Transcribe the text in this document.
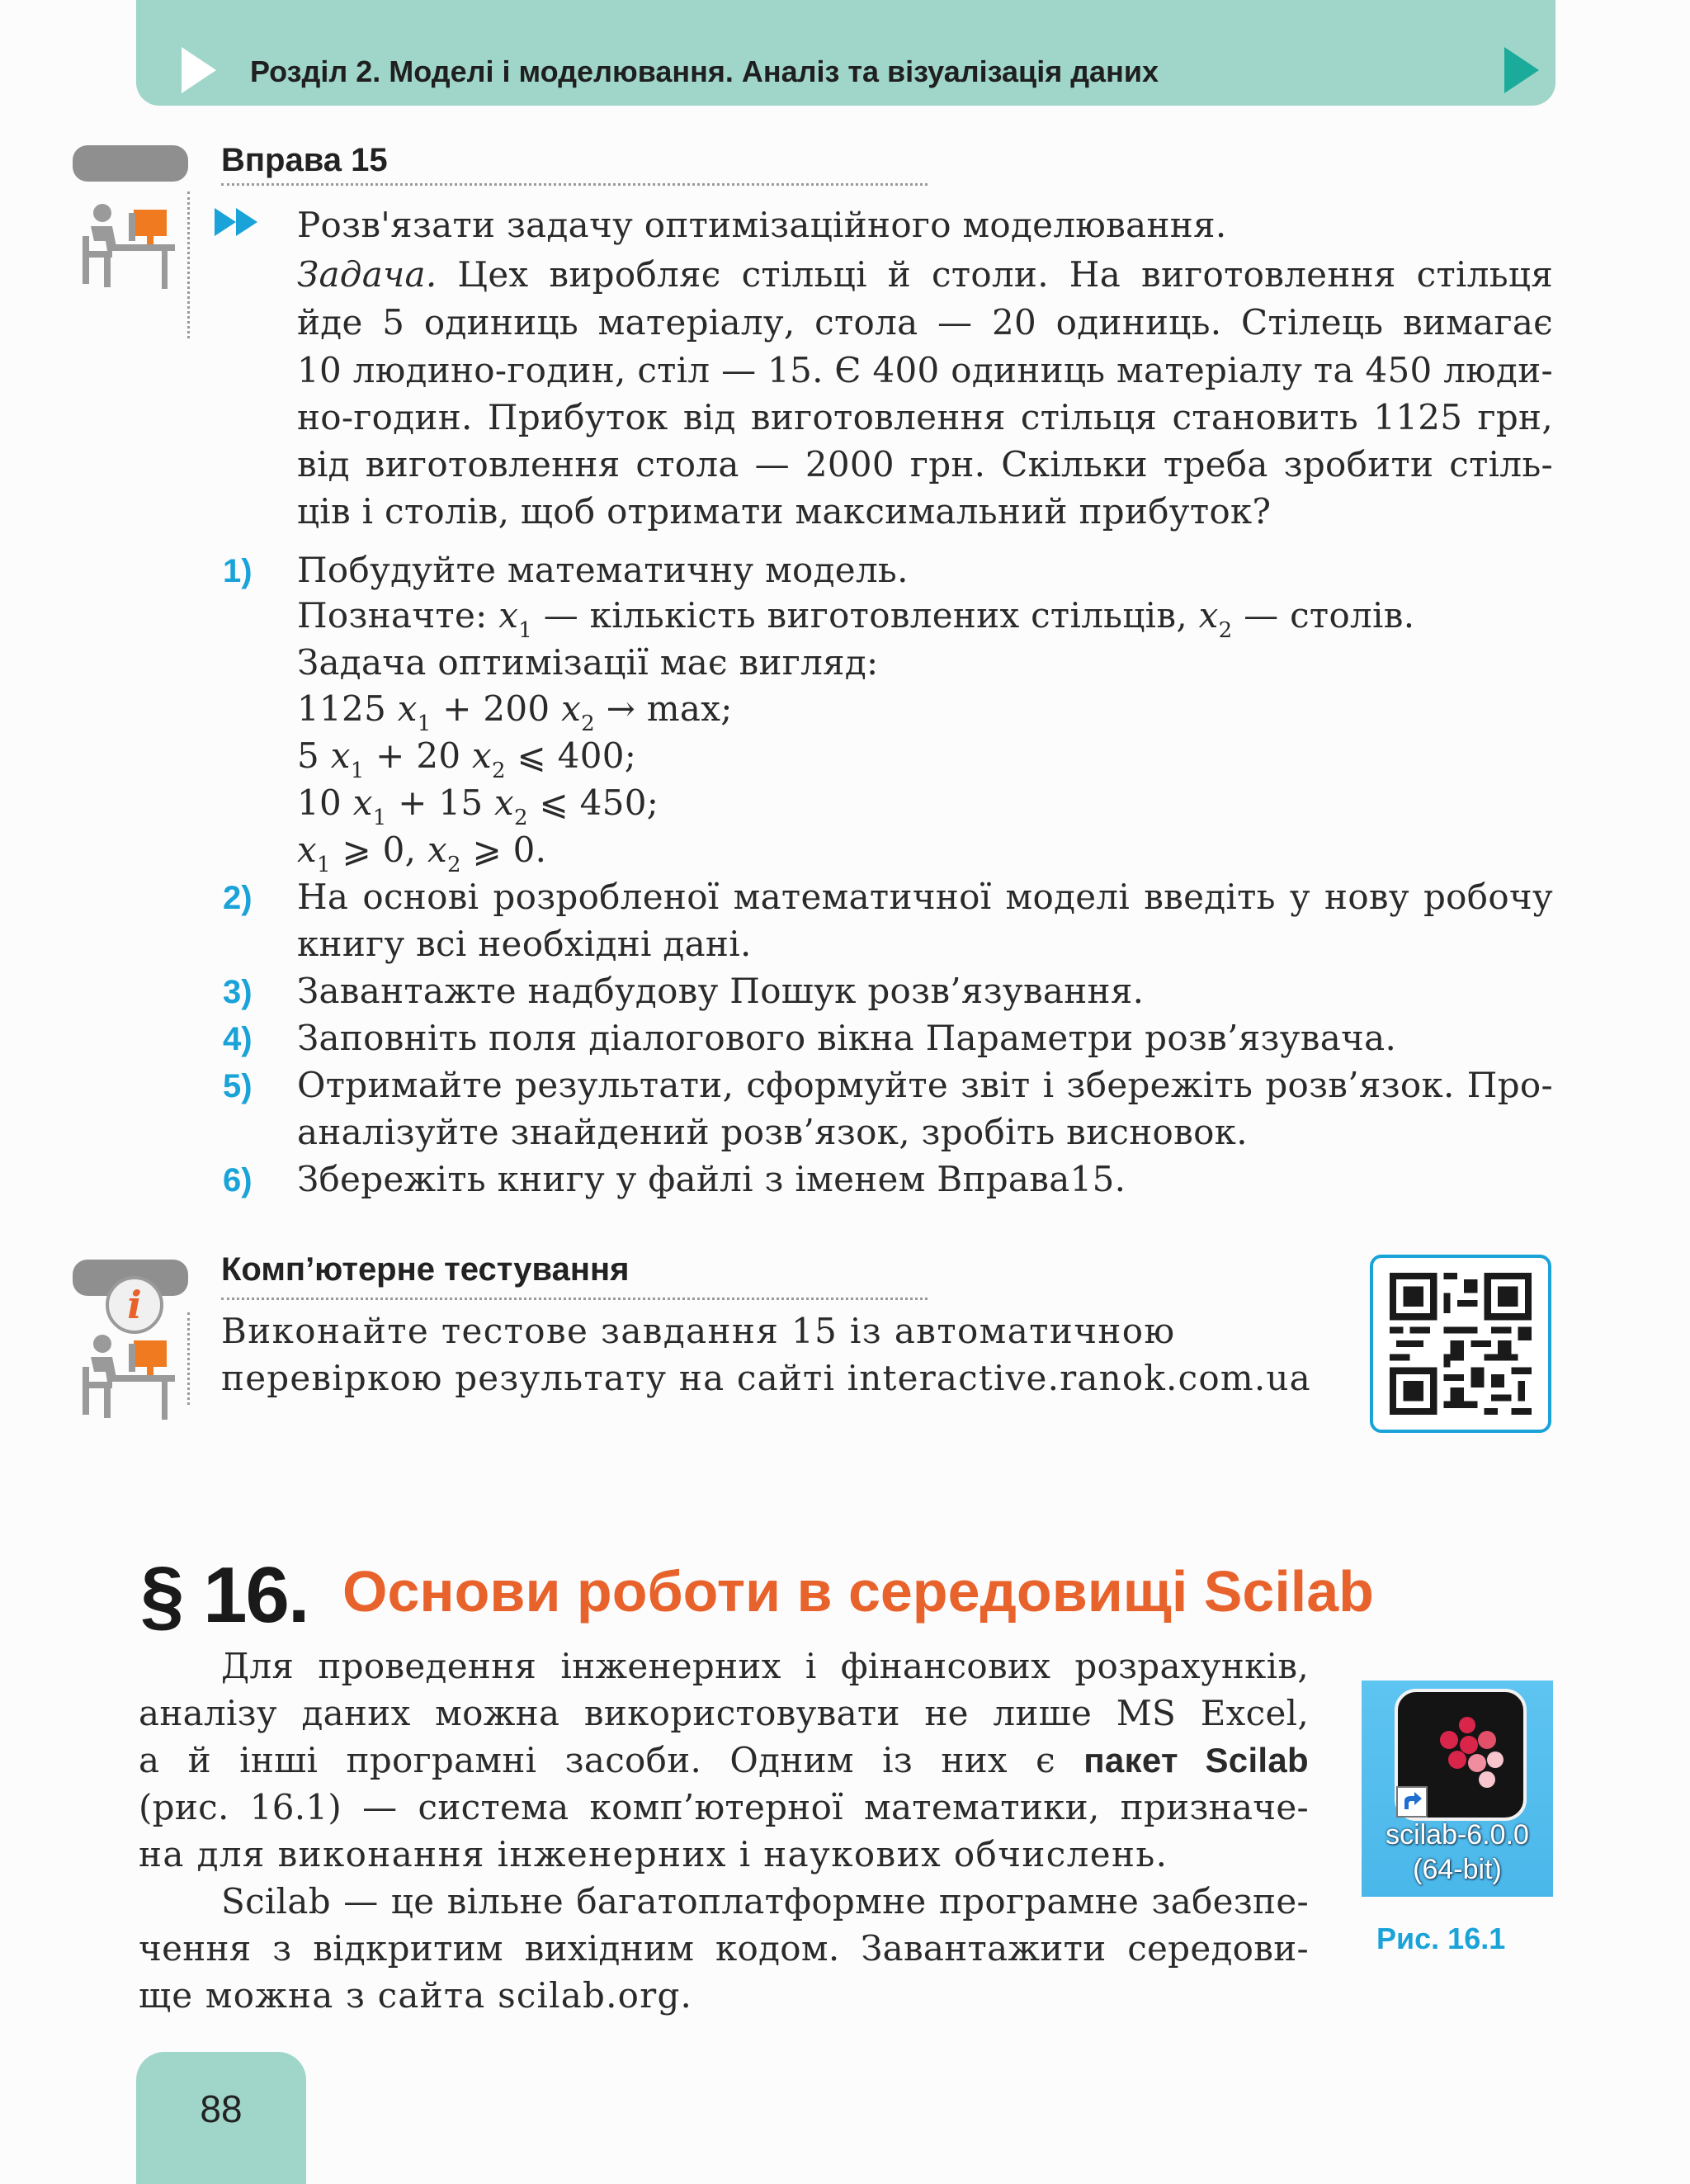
Розділ 2. Моделі і моделювання. Аналіз та візуалізація даних
Вправа 15
Розв'язати задачу оптимізаційного моделювання.
Задача. Цех виробляє стільці й столи. На виготовлення стільця
йде 5 одиниць матеріалу, стола — 20 одиниць. Стілець вимагає
10 людино-годин, стіл — 15. Є 400 одиниць матеріалу та 450 люди-
но-годин. Прибуток від виготовлення стільця становить 1125 грн,
від виготовлення стола — 2000 грн. Скільки треба зробити стіль-
ців і столів, щоб отримати максимальний прибуток?
1) Побудуйте математичну модель.
Позначте: $x_1$ — кількість виготовлених стільців, $x_2$ — столів.
Задача оптимізації має вигляд:
1125 $x_1 + 200$ $x_2 \to \max$;
5 $x_1 + 20$ $x_2$ ⩽ 400;
10 $x_1 + 15$ $x_2$ ⩽ 450;
$x_1$ ⩾ 0, $x_2$ ⩾ 0.
2) На основі розробленої математичної моделі введіть у нову робочу
книгу всі необхідні дані.
3) Завантажте надбудову Пошук розв’язування.
4) Заповніть поля діалогового вікна Параметри розв’язувача.
5) Отримайте результати, сформуйте звіт і збережіть розв’язок. Про-
аналізуйте знайдений розв’язок, зробіть висновок.
6) Збережіть книгу у файлі з іменем Вправа15.
Комп’ютерне тестування
i
Виконайте тестове завдання 15 із автоматичною
перевіркою результату на сайті interactive.ranok.com.ua
§ 16. Основи роботи в середовищі Scilab
Для проведення інженерних і фінансових розрахунків,
аналізу даних можна використовувати не лише MS Excel,
а й інші програмні засоби. Одним із них є пакет Scilab
(рис. 16.1) — система комп’ютерної математики, призначе-
на для виконання інженерних і наукових обчислень.
Scilab — це вільне багатоплатформне програмне забезпе-
чення з відкритим вихідним кодом. Завантажити середови-
ще можна з сайта scilab.org.
scilab-6.0.0
(64-bit)
Рис. 16.1
88
